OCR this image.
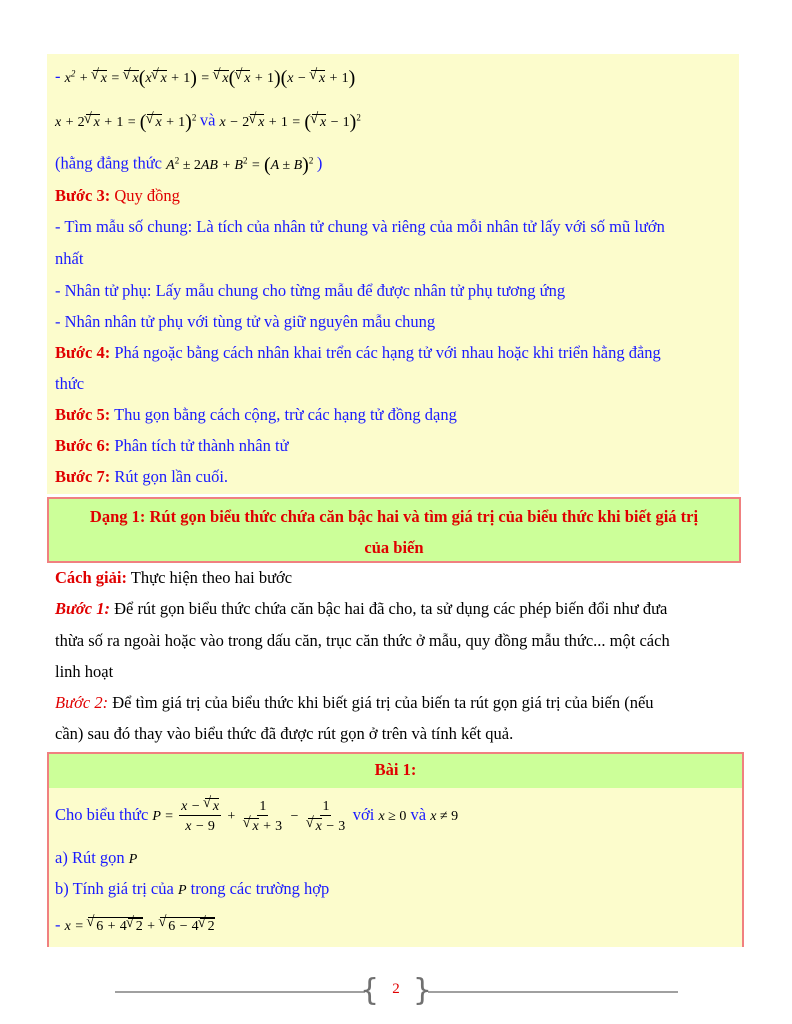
- $x^2$ + √ x = √ x(x √ x + 1) = √ x( √ x + 1)(x − √ x + 1)
x + 2 √ x + 1 = ( √ x + 1)$^2$ và x − 2 √ x + 1 = ( √ x − 1)$^2$
(hằng đẳng thức $A^2 \pm 2AB + B^2 = (A \pm B)^2$ )
Bước 3: Quy đồng
- Tìm mẫu số chung: Là tích của nhân tử chung và riêng của mỗi nhân tử lấy với số mũ lướn
nhất
- Nhân tử phụ: Lấy mẫu chung cho từng mẫu để được nhân tử phụ tương ứng
- Nhân nhân tử phụ với tùng tử và giữ nguyên mẫu chung
Bước 4: Phá ngoặc bằng cách nhân khai trển các hạng tử với nhau hoặc khi triển hằng đẳng
thức
Bước 5: Thu gọn bằng cách cộng, trừ các hạng tử đồng dạng
Bước 6: Phân tích tử thành nhân tử
Bước 7: Rút gọn lần cuối.
Dạng 1: Rút gọn biểu thức chứa căn bậc hai và tìm giá trị của biểu thức khi biết giá trị
của biến
Cách giải: Thực hiện theo hai bước
Bước 1: Để rút gọn biểu thức chứa căn bậc hai đã cho, ta sử dụng các phép biến đổi như đưa
thừa số ra ngoài hoặc vào trong dấu căn, trục căn thức ở mẫu, quy đồng mẫu thức... một cách
linh hoạt
Bước 2: Để tìm giá trị của biểu thức khi biết giá trị của biến ta rút gọn giá trị của biến (nếu
cần) sau đó thay vào biểu thức đã được rút gọn ở trên và tính kết quả.
Bài 1:
Cho biểu thức $P = \frac{x - √ x}{x - 9} + 1$
√ x + 3 − 1
√ x − 3 với x ≥ 0 và x ≠ 9
a) Rút gọn P
b) Tính giá trị của P trong các trường hợp
- x = √ 6 + 4 √ 2 + √ 6 − 4 √ 2
{ 2 }
